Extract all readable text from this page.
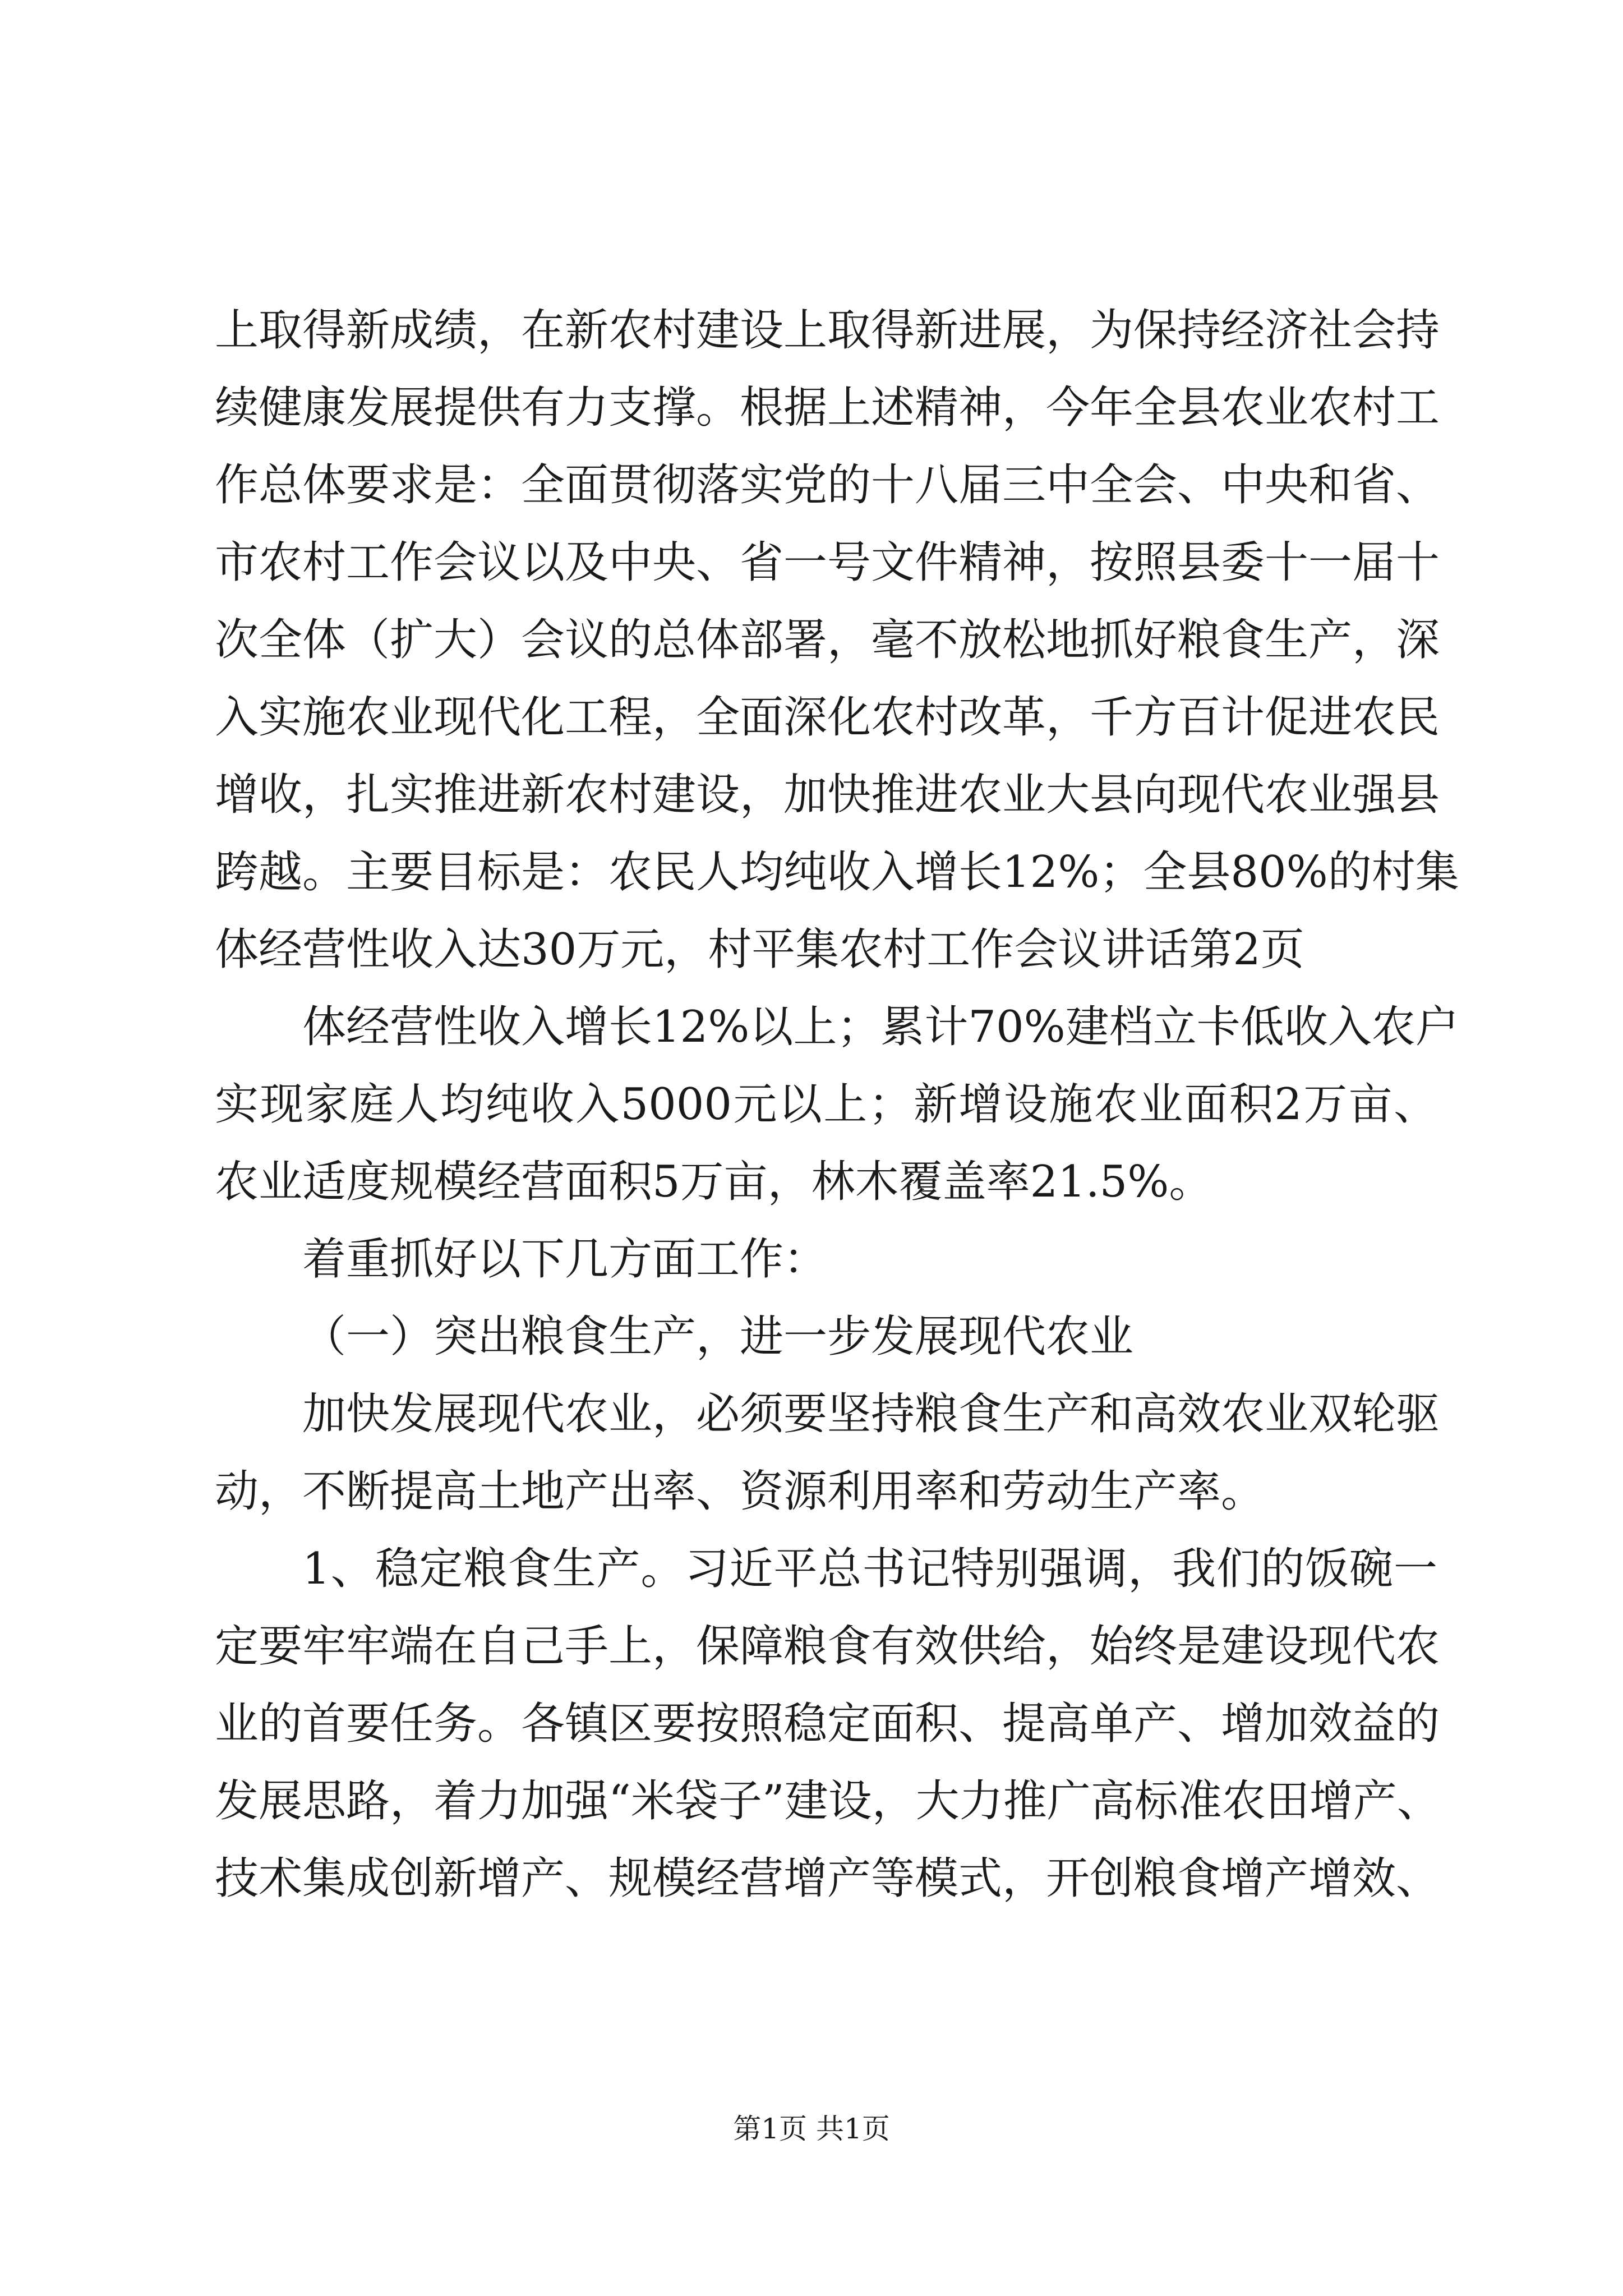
上取得新成绩，在新农村建设上取得新进展，为保持经济社会持
续健康发展提供有力支撑。根据上述精神，今年全县农业农村工
作总体要求是：全面贯彻落实党的十八届三中全会、中央和省、
市农村工作会议以及中央、省一号文件精神，按照县委十一届十
次全体（扩大）会议的总体部署，毫不放松地抓好粮食生产，深
入实施农业现代化工程，全面深化农村改革，千方百计促进农民
增收，扎实推进新农村建设，加快推进农业大县向现代农业强县
跨越。主要目标是：农民人均纯收入增长12%；全县80%的村集
体经营性收入达30万元，村平集农村工作会议讲话第2页
体经营性收入增长12%以上；累计70%建档立卡低收入农户
实现家庭人均纯收入5000元以上；新增设施农业面积2万亩、
农业适度规模经营面积5万亩，林木覆盖率21.5%。
着重抓好以下几方面工作：
（一）突出粮食生产，进一步发展现代农业
加快发展现代农业，必须要坚持粮食生产和高效农业双轮驱
动，不断提高土地产出率、资源利用率和劳动生产率。
1、稳定粮食生产。习近平总书记特别强调，我们的饭碗一
定要牢牢端在自己手上，保障粮食有效供给，始终是建设现代农
业的首要任务。各镇区要按照稳定面积、提高单产、增加效益的
发展思路，着力加强“米袋子”建设，大力推广高标准农田增产、
技术集成创新增产、规模经营增产等模式，开创粮食增产增效、
第1页 共1页
